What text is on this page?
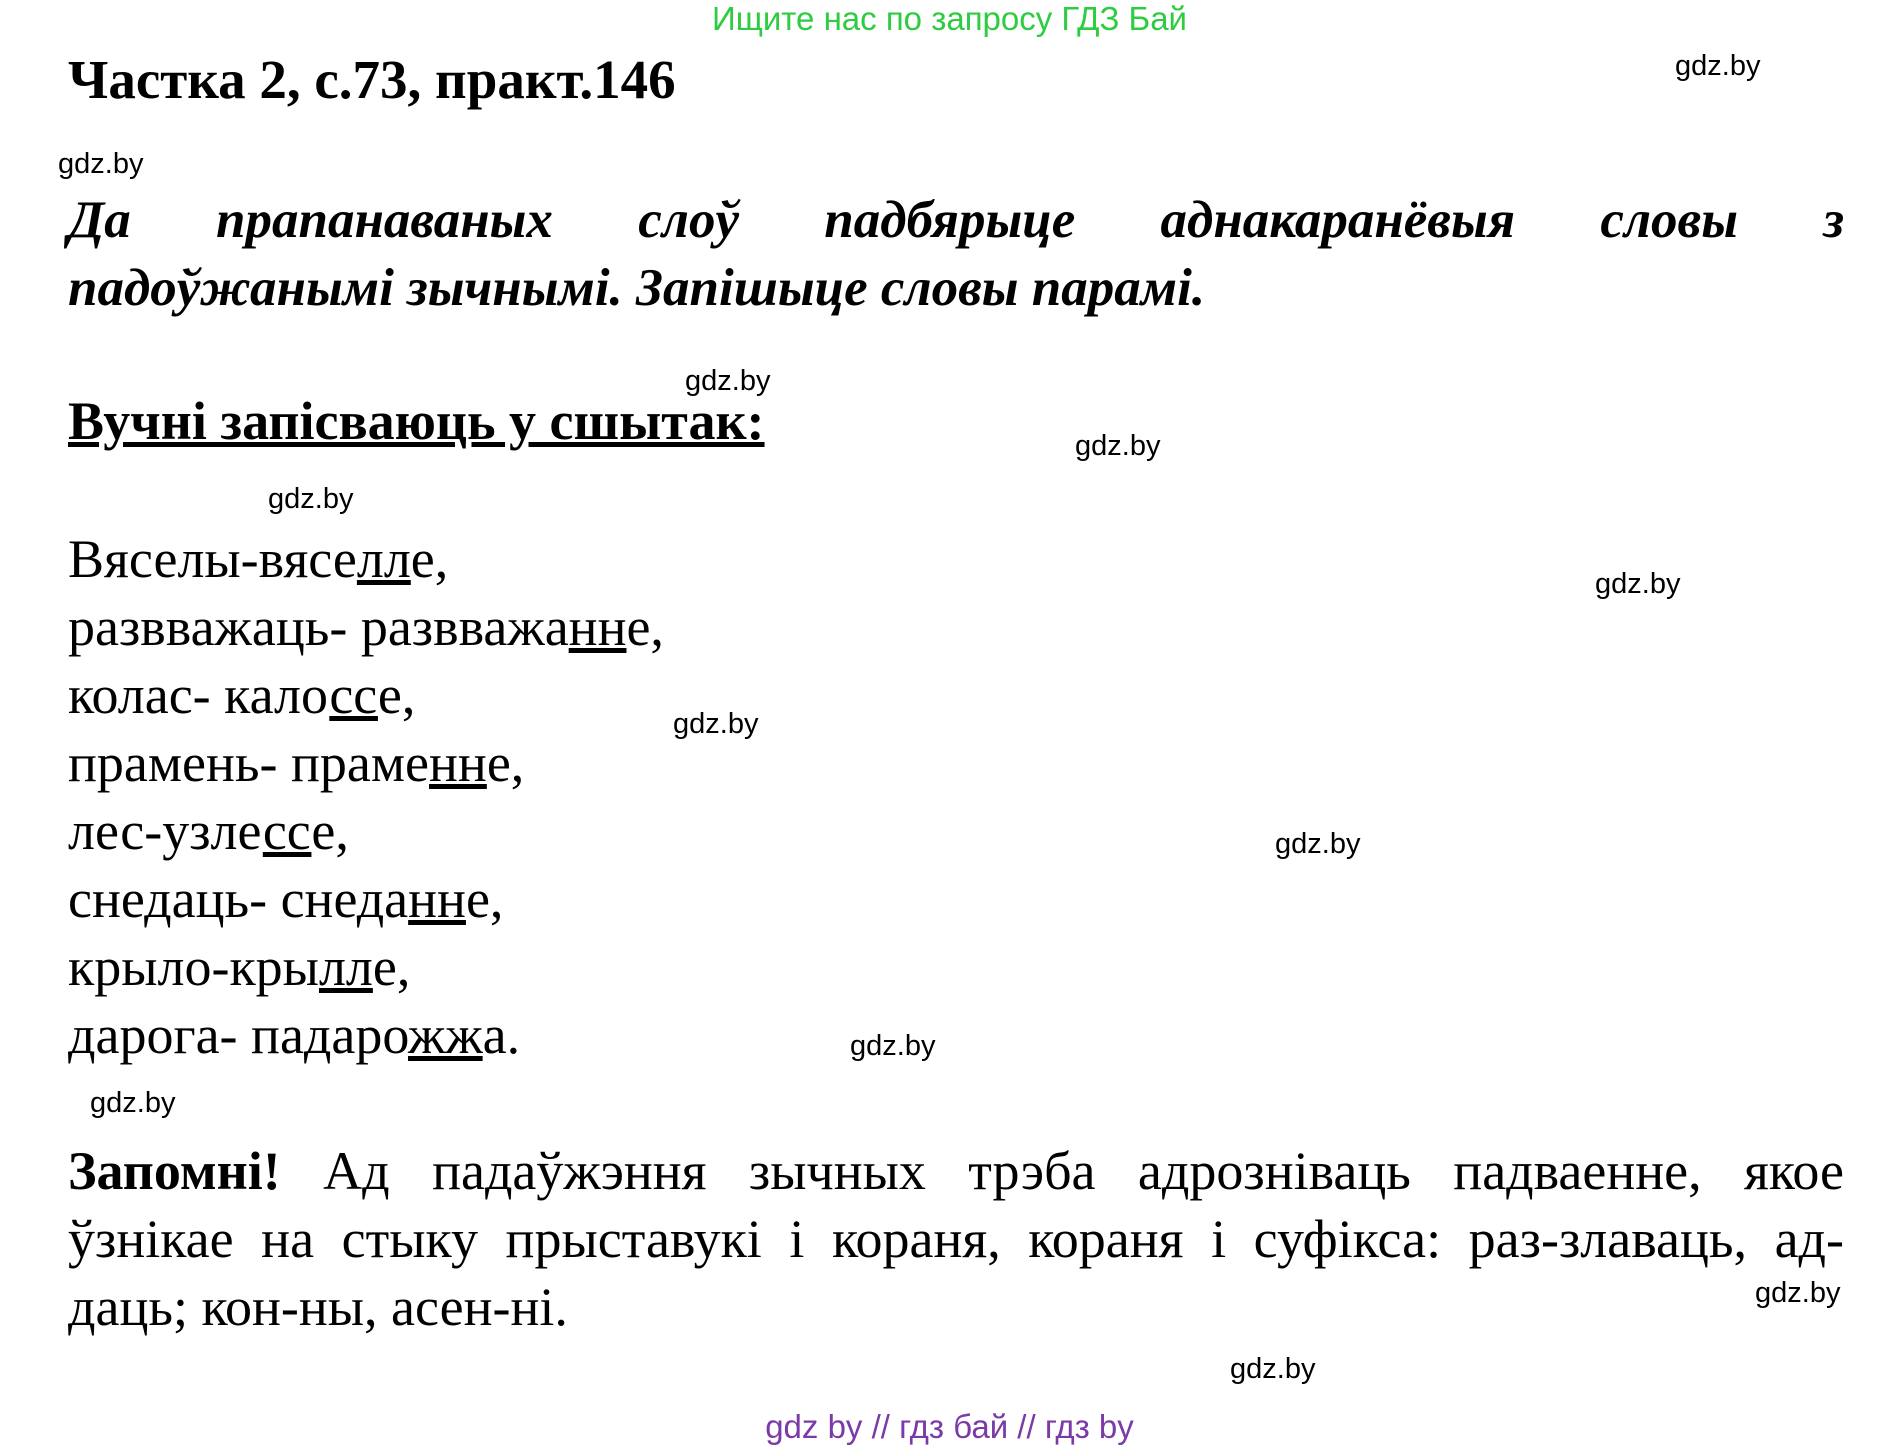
Ищите нас по запросу ГДЗ Бай
Частка 2, с.73, практ.146
Да прапанаваных слоў падбярыце аднакаранёвыя словы з
падоўжанымі зычнымі. Запішыце словы парамі.
Вучні запісваюць у сшытак:
Вяселы-вяселле,
развважаць- развважанне,
колас- калоссе,
прамень- праменне,
лес-узлессе,
снедаць- снеданне,
крыло-крылле,
дарога- падарожжа.
Запомні! Ад падаўжэння зычных трэба адрозніваць падваенне, якое
ўзнікае на стыку прыставукі і кораня, кораня і суфікса: раз-злаваць, ад-
даць; кон-ны, асен-ні.
gdz.by
gdz.by
gdz.by
gdz.by
gdz.by
gdz.by
gdz.by
gdz.by
gdz.by
gdz.by
gdz.by
gdz.by
gdz by // гдз бай // гдз by
